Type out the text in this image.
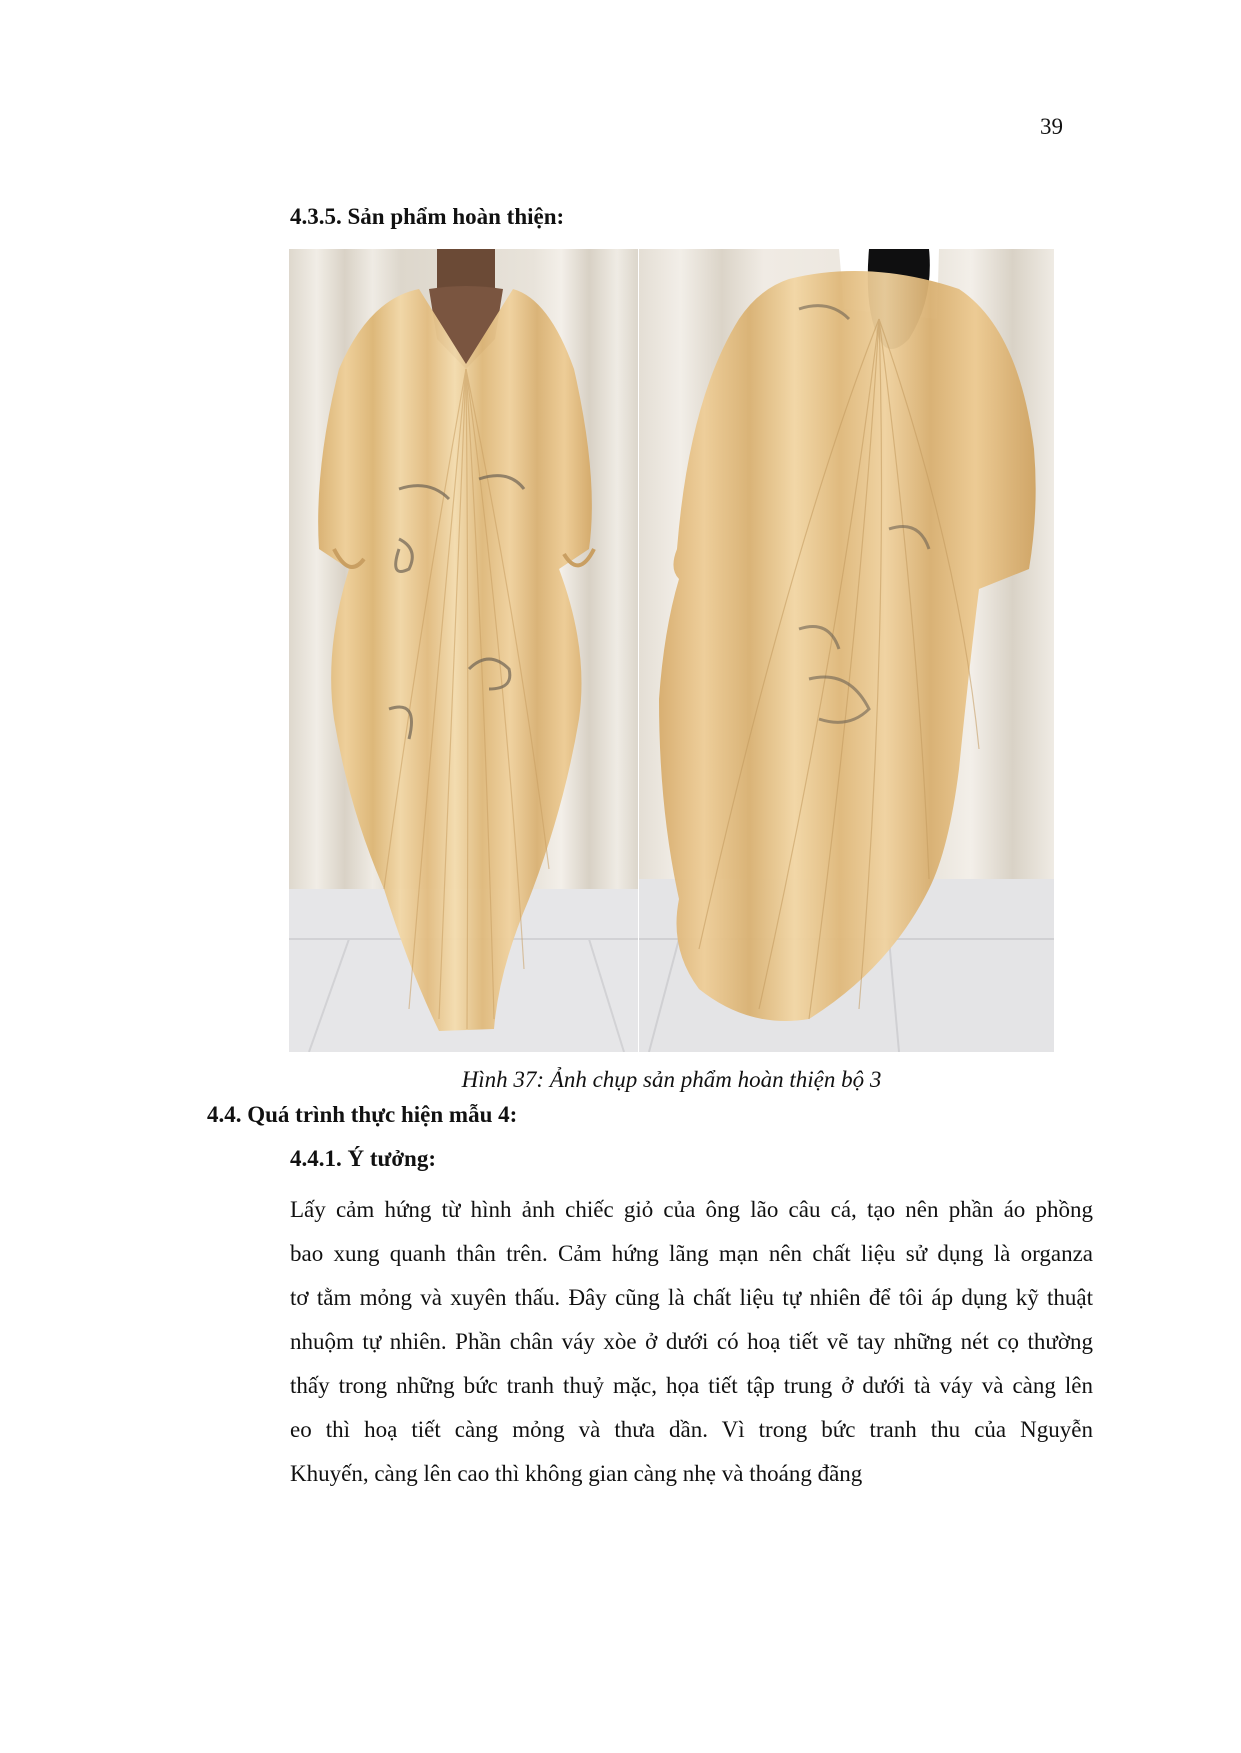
39
4.3.5. Sản phẩm hoàn thiện:
Hình 37: Ảnh chụp sản phẩm hoàn thiện bộ 3
4.4. Quá trình thực hiện mẫu 4:
4.4.1. Ý tưởng:

Lấy cảm hứng từ hình ảnh chiếc giỏ của ông lão câu cá, tạo nên phần áo phồng
bao xung quanh thân trên. Cảm hứng lãng mạn nên chất liệu sử dụng là organza
tơ tằm mỏng và xuyên thấu. Đây cũng là chất liệu tự nhiên để tôi áp dụng kỹ thuật
nhuộm tự nhiên. Phần chân váy xòe ở dưới có hoạ tiết vẽ tay những nét cọ thường
thấy trong những bức tranh thuỷ mặc, họa tiết tập trung ở dưới tà váy và càng lên
eo thì hoạ tiết càng mỏng và thưa dần. Vì trong bức tranh thu của Nguyễn
Khuyến, càng lên cao thì không gian càng nhẹ và thoáng đãng
